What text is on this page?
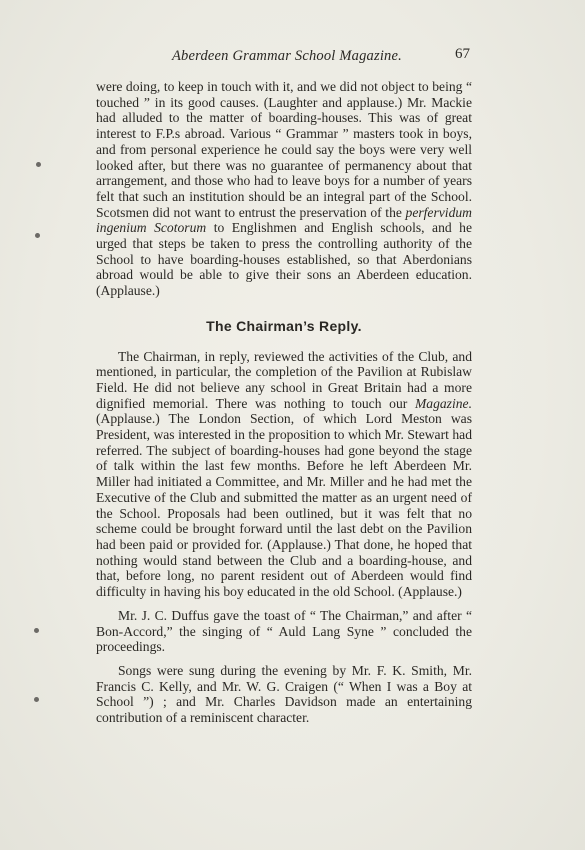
Aberdeen Grammar School Magazine.	67

were doing, to keep in touch with it, and we did not object to being “ touched ” in its good causes. (Laughter and applause.) Mr. Mackie had alluded to the matter of boarding-houses. This was of great interest to F.P.s abroad. Various “ Grammar ” masters took in boys, and from personal experience he could say the boys were very well looked after, but there was no guarantee of permanency about that arrangement, and those who had to leave boys for a number of years felt that such an institution should be an integral part of the School. Scotsmen did not want to entrust the preservation of the perfervidum ingenium Scotorum to Englishmen and English schools, and he urged that steps be taken to press the controlling authority of the School to have boarding-houses established, so that Aberdonians abroad would be able to give their sons an Aberdeen education. (Applause.)

The Chairman’s Reply.

The Chairman, in reply, reviewed the activities of the Club, and mentioned, in particular, the completion of the Pavilion at Rubislaw Field. He did not believe any school in Great Britain had a more dignified memorial. There was nothing to touch our Magazine. (Applause.) The London Section, of which Lord Meston was President, was interested in the proposition to which Mr. Stewart had referred. The subject of boarding-houses had gone beyond the stage of talk within the last few months. Before he left Aberdeen Mr. Miller had initiated a Committee, and Mr. Miller and he had met the Executive of the Club and submitted the matter as an urgent need of the School. Proposals had been outlined, but it was felt that no scheme could be brought forward until the last debt on the Pavilion had been paid or provided for. (Applause.) That done, he hoped that nothing would stand between the Club and a boarding-house, and that, before long, no parent resident out of Aberdeen would find difficulty in having his boy educated in the old School. (Applause.)

Mr. J. C. Duffus gave the toast of “ The Chairman,” and after “ Bon-Accord,” the singing of “ Auld Lang Syne ” concluded the proceedings.

Songs were sung during the evening by Mr. F. K. Smith, Mr. Francis C. Kelly, and Mr. W. G. Craigen (“ When I was a Boy at School ”) ; and Mr. Charles Davidson made an entertaining contribution of a reminiscent character.
